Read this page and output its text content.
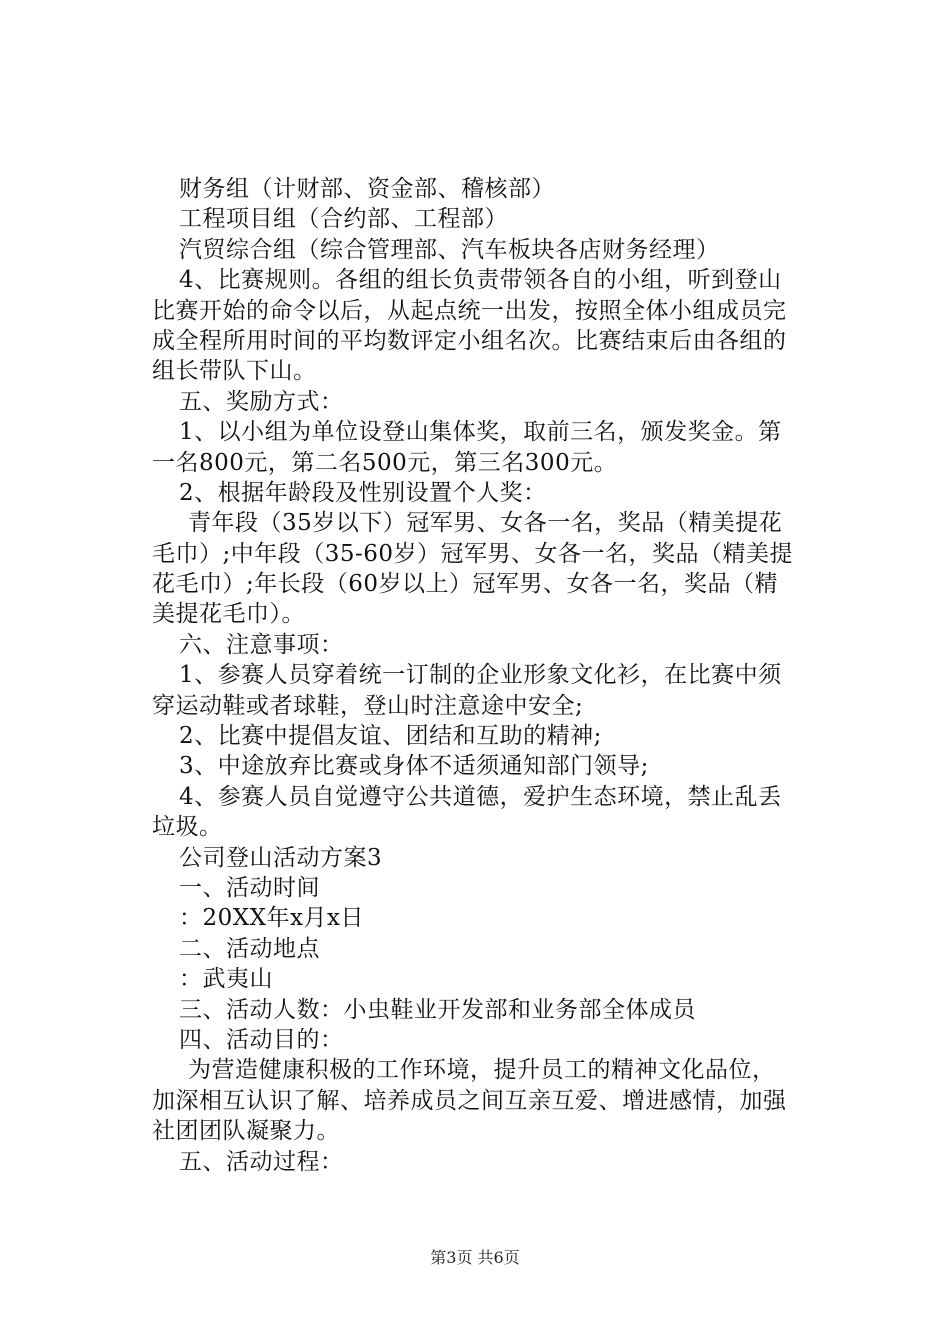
财务组（计财部、资金部、稽核部）
工程项目组（合约部、工程部）
汽贸综合组（综合管理部、汽车板块各店财务经理）
4、比赛规则。各组的组长负责带领各自的小组，听到登山
比赛开始的命令以后，从起点统一出发，按照全体小组成员完
成全程所用时间的平均数评定小组名次。比赛结束后由各组的
组长带队下山。
五、奖励方式：
1、以小组为单位设登山集体奖，取前三名，颁发奖金。第
一名800元，第二名500元，第三名300元。
2、根据年龄段及性别设置个人奖：
青年段（35岁以下）冠军男、女各一名，奖品（精美提花
毛巾）;中年段（35-60岁）冠军男、女各一名，奖品（精美提
花毛巾）;年长段（60岁以上）冠军男、女各一名，奖品（精
美提花毛巾）。
六、注意事项：
1、参赛人员穿着统一订制的企业形象文化衫，在比赛中须
穿运动鞋或者球鞋，登山时注意途中安全;
2、比赛中提倡友谊、团结和互助的精神;
3、中途放弃比赛或身体不适须通知部门领导;
4、参赛人员自觉遵守公共道德，爱护生态环境，禁止乱丢
垃圾。
公司登山活动方案3
一、活动时间
：20XX年x月x日
二、活动地点
：武夷山
三、活动人数：小虫鞋业开发部和业务部全体成员
四、活动目的：
为营造健康积极的工作环境，提升员工的精神文化品位，
加深相互认识了解、培养成员之间互亲互爱、增进感情，加强
社团团队凝聚力。
五、活动过程：
第3页 共6页
